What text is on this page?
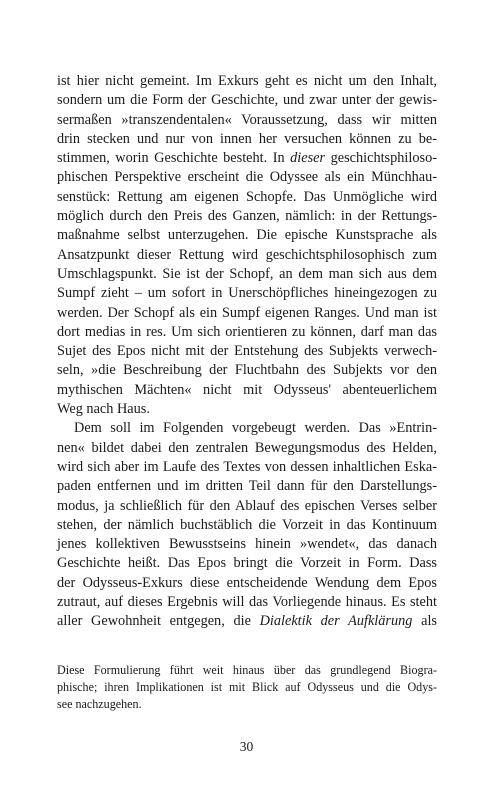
ist hier nicht gemeint. Im Exkurs geht es nicht um den Inhalt,
sondern um die Form der Geschichte, und zwar unter der gewis-
sermaßen »transzendentalen« Voraussetzung, dass wir mitten
drin stecken und nur von innen her versuchen können zu be-
stimmen, worin Geschichte besteht. In dieser geschichtsphiloso-
phischen Perspektive erscheint die Odyssee als ein Münchhau-
senstück: Rettung am eigenen Schopfe. Das Unmögliche wird
möglich durch den Preis des Ganzen, nämlich: in der Rettungs-
maßnahme selbst unterzugehen. Die epische Kunstsprache als
Ansatzpunkt dieser Rettung wird geschichtsphilosophisch zum
Umschlagspunkt. Sie ist der Schopf, an dem man sich aus dem
Sumpf zieht – um sofort in Unerschöpfliches hineingezogen zu
werden. Der Schopf als ein Sumpf eigenen Ranges. Und man ist
dort medias in res. Um sich orientieren zu können, darf man das
Sujet des Epos nicht mit der Entstehung des Subjekts verwech-
seln, »die Beschreibung der Fluchtbahn des Subjekts vor den
mythischen Mächten« nicht mit Odysseus' abenteuerlichem
Weg nach Haus.
Dem soll im Folgenden vorgebeugt werden. Das »Entrin-
nen« bildet dabei den zentralen Bewegungsmodus des Helden,
wird sich aber im Laufe des Textes von dessen inhaltlichen Eska-
paden entfernen und im dritten Teil dann für den Darstellungs-
modus, ja schließlich für den Ablauf des epischen Verses selber
stehen, der nämlich buchstäblich die Vorzeit in das Kontinuum
jenes kollektiven Bewusstseins hinein »wendet«, das danach
Geschichte heißt. Das Epos bringt die Vorzeit in Form. Dass
der Odysseus-Exkurs diese entscheidende Wendung dem Epos
zutraut, auf dieses Ergebnis will das Vorliegende hinaus. Es steht
aller Gewohnheit entgegen, die Dialektik der Aufklärung als
Diese Formulierung führt weit hinaus über das grundlegend Biogra-
phische; ihren Implikationen ist mit Blick auf Odysseus und die Odys-
see nachzugehen.
30
